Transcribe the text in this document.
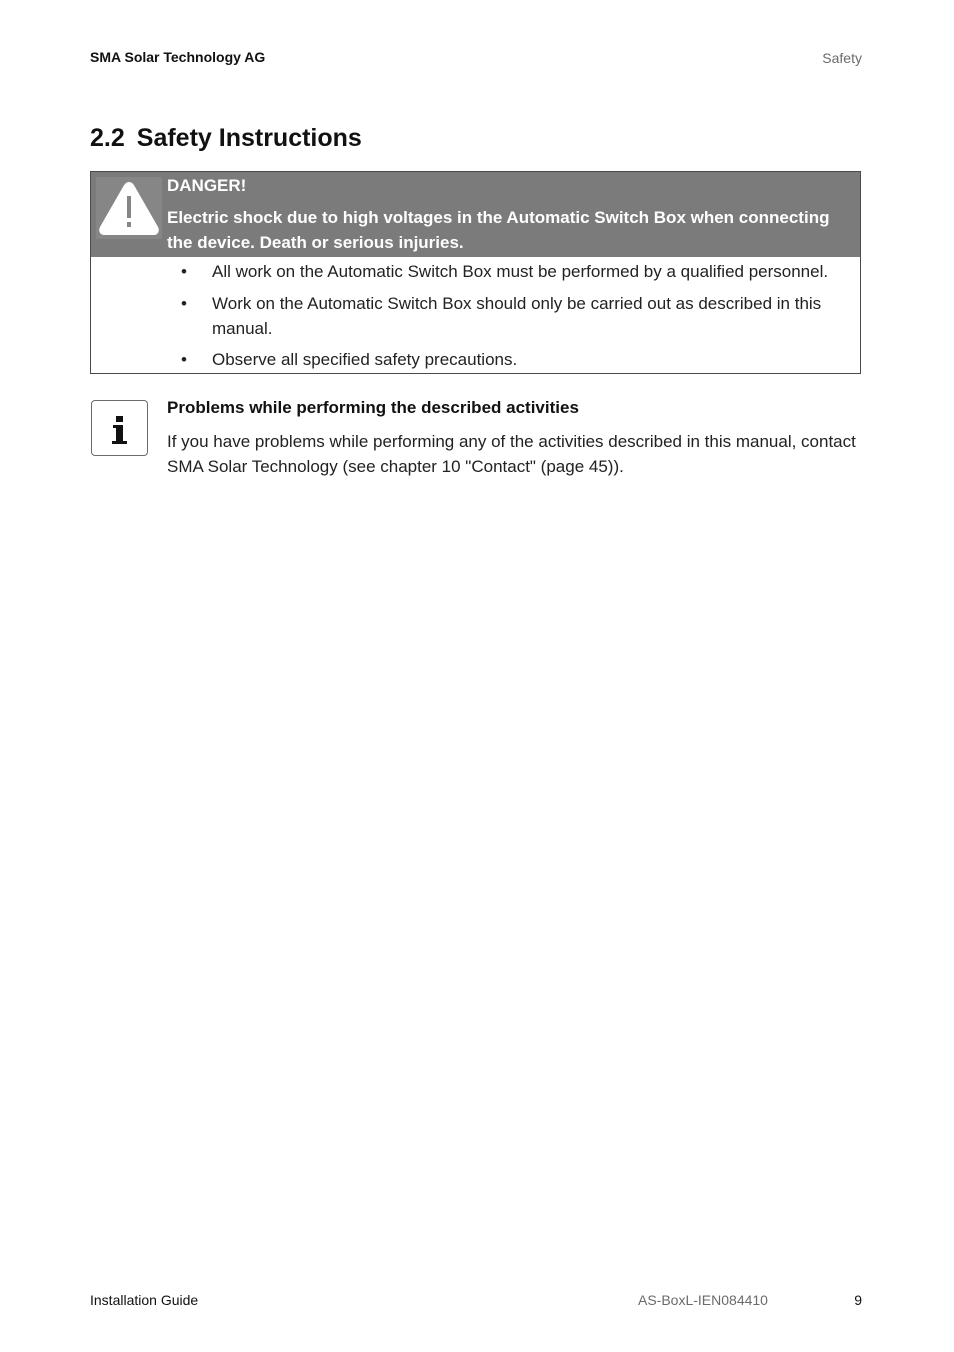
SMA Solar Technology AG	Safety
2.2 Safety Instructions
DANGER!
Electric shock due to high voltages in the Automatic Switch Box when connecting the device. Death or serious injuries.
• All work on the Automatic Switch Box must be performed by a qualified personnel.
• Work on the Automatic Switch Box should only be carried out as described in this manual.
• Observe all specified safety precautions.
Problems while performing the described activities

If you have problems while performing any of the activities described in this manual, contact SMA Solar Technology (see chapter 10 "Contact" (page 45)).

Installation Guide	AS-BoxL-IEN084410	9
